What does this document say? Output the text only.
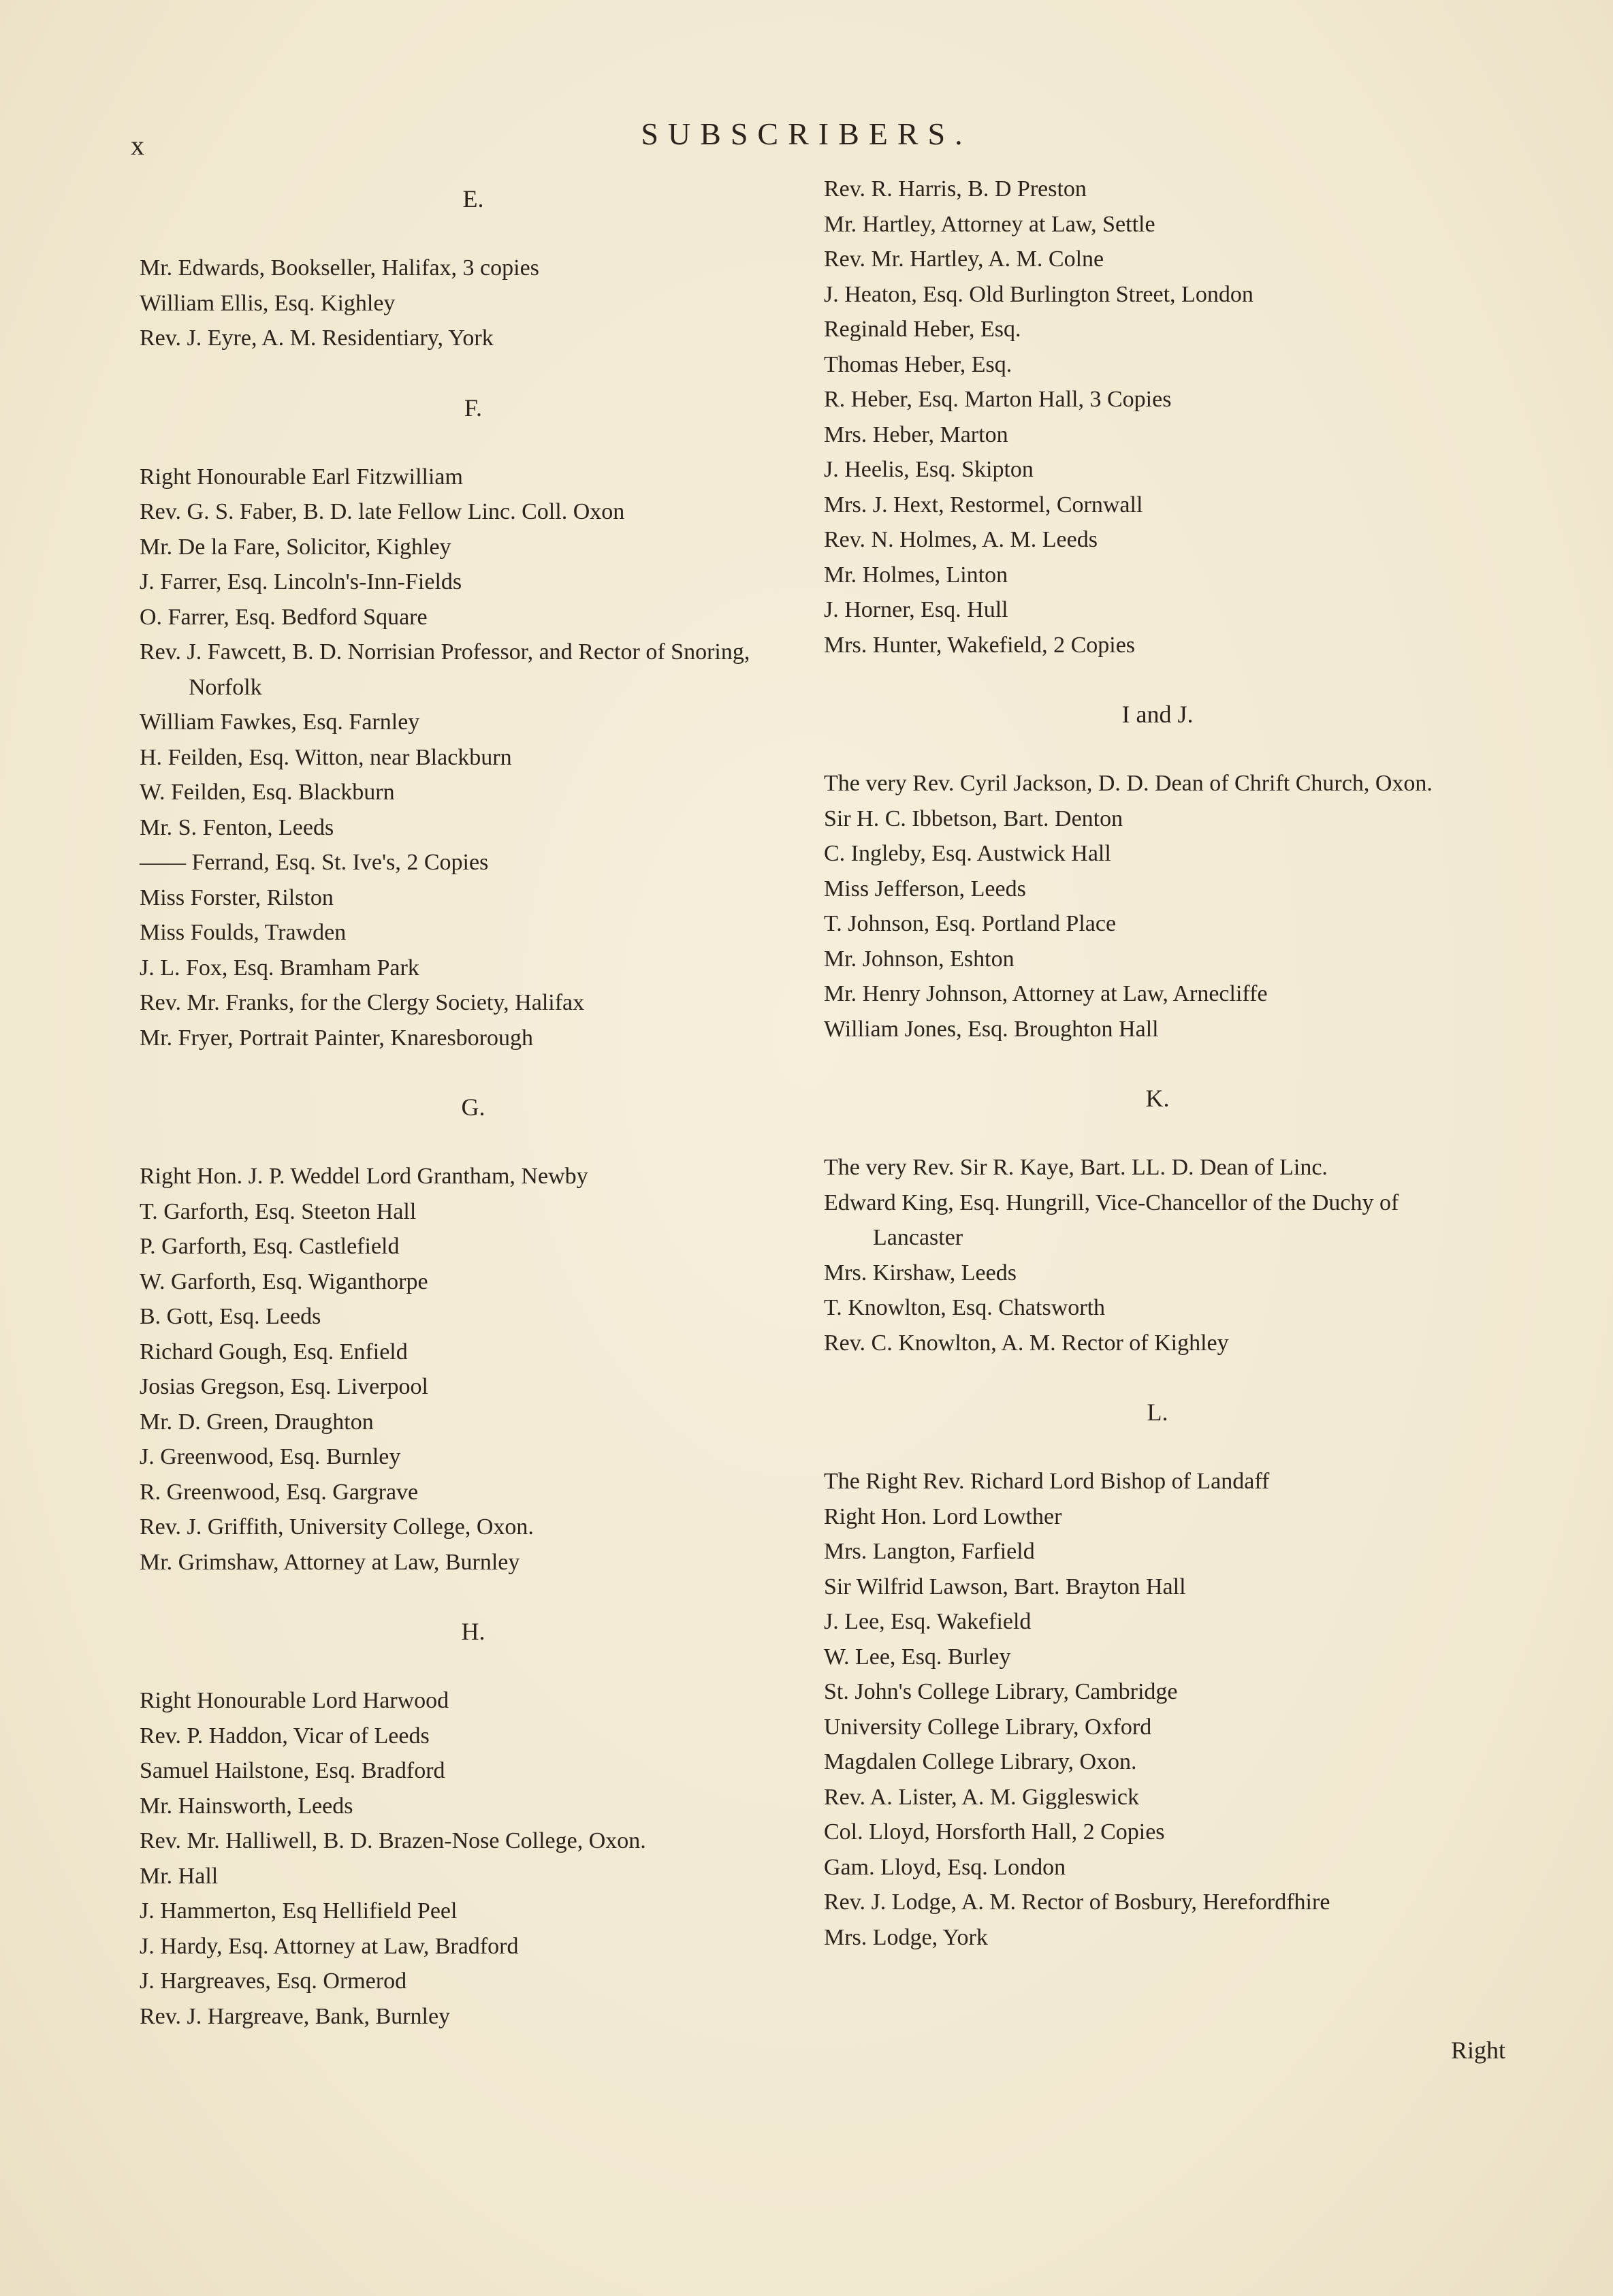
x	SUBSCRIBERS.
E.
Mr. Edwards, Bookseller, Halifax, 3 copies
William Ellis, Esq. Kighley
Rev. J. Eyre, A. M. Residentiary, York
F.
Right Honourable Earl Fitzwilliam
Rev. G. S. Faber, B. D. late Fellow Linc. Coll. Oxon
Mr. De la Fare, Solicitor, Kighley
J. Farrer, Esq. Lincoln's-Inn-Fields
O. Farrer, Esq. Bedford Square
Rev. J. Fawcett, B. D. Norrisian Professor, and Rector of Snoring, Norfolk
William Fawkes, Esq. Farnley
H. Feilden, Esq. Witton, near Blackburn
W. Feilden, Esq. Blackburn
Mr. S. Fenton, Leeds
—— Ferrand, Esq. St. Ive's, 2 Copies
Miss Forster, Rilston
Miss Foulds, Trawden
J. L. Fox, Esq. Bramham Park
Rev. Mr. Franks, for the Clergy Society, Halifax
Mr. Fryer, Portrait Painter, Knaresborough
G.
Right Hon. J. P. Weddel Lord Grantham, Newby
T. Garforth, Esq. Steeton Hall
P. Garforth, Esq. Castlefield
W. Garforth, Esq. Wiganthorpe
B. Gott, Esq. Leeds
Richard Gough, Esq. Enfield
Josias Gregson, Esq. Liverpool
Mr. D. Green, Draughton
J. Greenwood, Esq. Burnley
R. Greenwood, Esq. Gargrave
Rev. J. Griffith, University College, Oxon.
Mr. Grimshaw, Attorney at Law, Burnley
H.
Right Honourable Lord Harwood
Rev. P. Haddon, Vicar of Leeds
Samuel Hailstone, Esq. Bradford
Mr. Hainsworth, Leeds
Rev. Mr. Halliwell, B. D. Brazen-Nose College, Oxon.
Mr. Hall
J. Hammerton, Esq Hellifield Peel
J. Hardy, Esq. Attorney at Law, Bradford
J. Hargreaves, Esq. Ormerod
Rev. J. Hargreave, Bank, Burnley
Rev. R. Harris, B. D Preston
Mr. Hartley, Attorney at Law, Settle
Rev. Mr. Hartley, A. M. Colne
J. Heaton, Esq. Old Burlington Street, London
Reginald Heber, Esq.
Thomas Heber, Esq.
R. Heber, Esq. Marton Hall, 3 Copies
Mrs. Heber, Marton
J. Heelis, Esq. Skipton
Mrs. J. Hext, Restormel, Cornwall
Rev. N. Holmes, A. M. Leeds
Mr. Holmes, Linton
J. Horner, Esq. Hull
Mrs. Hunter, Wakefield, 2 Copies
I and J.
The very Rev. Cyril Jackson, D. D. Dean of Chrift Church, Oxon.
Sir H. C. Ibbetson, Bart. Denton
C. Ingleby, Esq. Austwick Hall
Miss Jefferson, Leeds
T. Johnson, Esq. Portland Place
Mr. Johnson, Eshton
Mr. Henry Johnson, Attorney at Law, Arnecliffe
William Jones, Esq. Broughton Hall
K.
The very Rev. Sir R. Kaye, Bart. LL. D. Dean of Linc.
Edward King, Esq. Hungrill, Vice-Chancellor of the Duchy of Lancaster
Mrs. Kirshaw, Leeds
T. Knowlton, Esq. Chatsworth
Rev. C. Knowlton, A. M. Rector of Kighley
L.
The Right Rev. Richard Lord Bishop of Landaff
Right Hon. Lord Lowther
Mrs. Langton, Farfield
Sir Wilfrid Lawson, Bart. Brayton Hall
J. Lee, Esq. Wakefield
W. Lee, Esq. Burley
St. John's College Library, Cambridge
University College Library, Oxford
Magdalen College Library, Oxon.
Rev. A. Lister, A. M. Giggleswick
Col. Lloyd, Horsforth Hall, 2 Copies
Gam. Lloyd, Esq. London
Rev. J. Lodge, A. M. Rector of Bosbury, Herefordfhire
Mrs. Lodge, York
Right
